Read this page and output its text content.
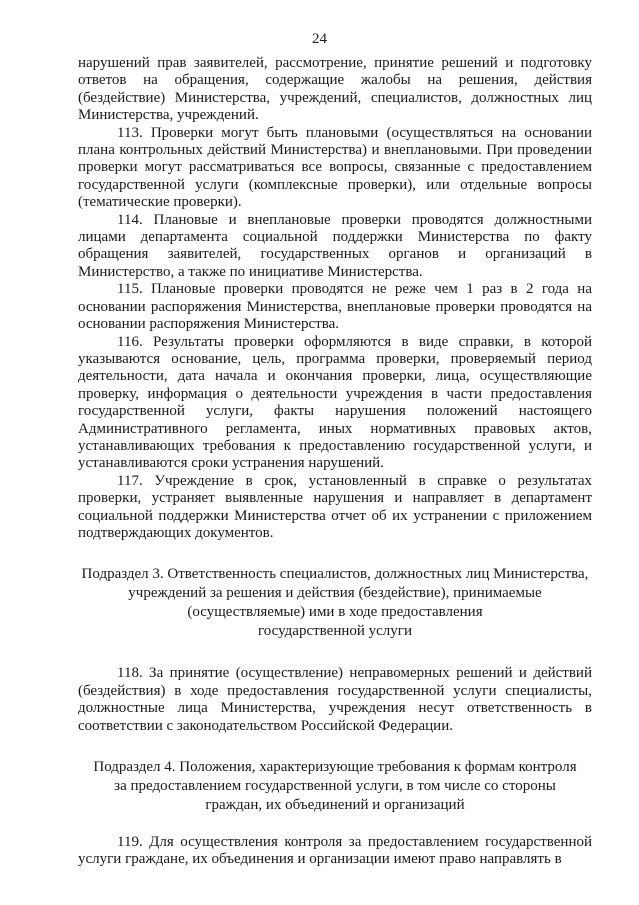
24

нарушений прав заявителей, рассмотрение, принятие решений и подготовку ответов на обращения, содержащие жалобы на решения, действия (бездействие) Министерства, учреждений, специалистов, должностных лиц Министерства, учреждений.

113. Проверки могут быть плановыми (осуществляться на основании плана контрольных действий Министерства) и внеплановыми. При проведении проверки могут рассматриваться все вопросы, связанные с предоставлением государственной услуги (комплексные проверки), или отдельные вопросы (тематические проверки).

114. Плановые и внеплановые проверки проводятся должностными лицами департамента социальной поддержки Министерства по факту обращения заявителей, государственных органов и организаций в Министерство, а также по инициативе Министерства.

115. Плановые проверки проводятся не реже чем 1 раз в 2 года на основании распоряжения Министерства, внеплановые проверки проводятся на основании распоряжения Министерства.

116. Результаты проверки оформляются в виде справки, в которой указываются основание, цель, программа проверки, проверяемый период деятельности, дата начала и окончания проверки, лица, осуществляющие проверку, информация о деятельности учреждения в части предоставления государственной услуги, факты нарушения положений настоящего Административного регламента, иных нормативных правовых актов, устанавливающих требования к предоставлению государственной услуги, и устанавливаются сроки устранения нарушений.

117. Учреждение в срок, установленный в справке о результатах проверки, устраняет выявленные нарушения и направляет в департамент социальной поддержки Министерства отчет об их устранении с приложением подтверждающих документов.

Подраздел 3. Ответственность специалистов, должностных лиц Министерства,
учреждений за решения и действия (бездействие), принимаемые
(осуществляемые) ими в ходе предоставления
государственной услуги

118. За принятие (осуществление) неправомерных решений и действий (бездействия) в ходе предоставления государственной услуги специалисты, должностные лица Министерства, учреждения несут ответственность в соответствии с законодательством Российской Федерации.

Подраздел 4. Положения, характеризующие требования к формам контроля
за предоставлением государственной услуги, в том числе со стороны
граждан, их объединений и организаций

119. Для осуществления контроля за предоставлением государственной услуги граждане, их объединения и организации имеют право направлять в
